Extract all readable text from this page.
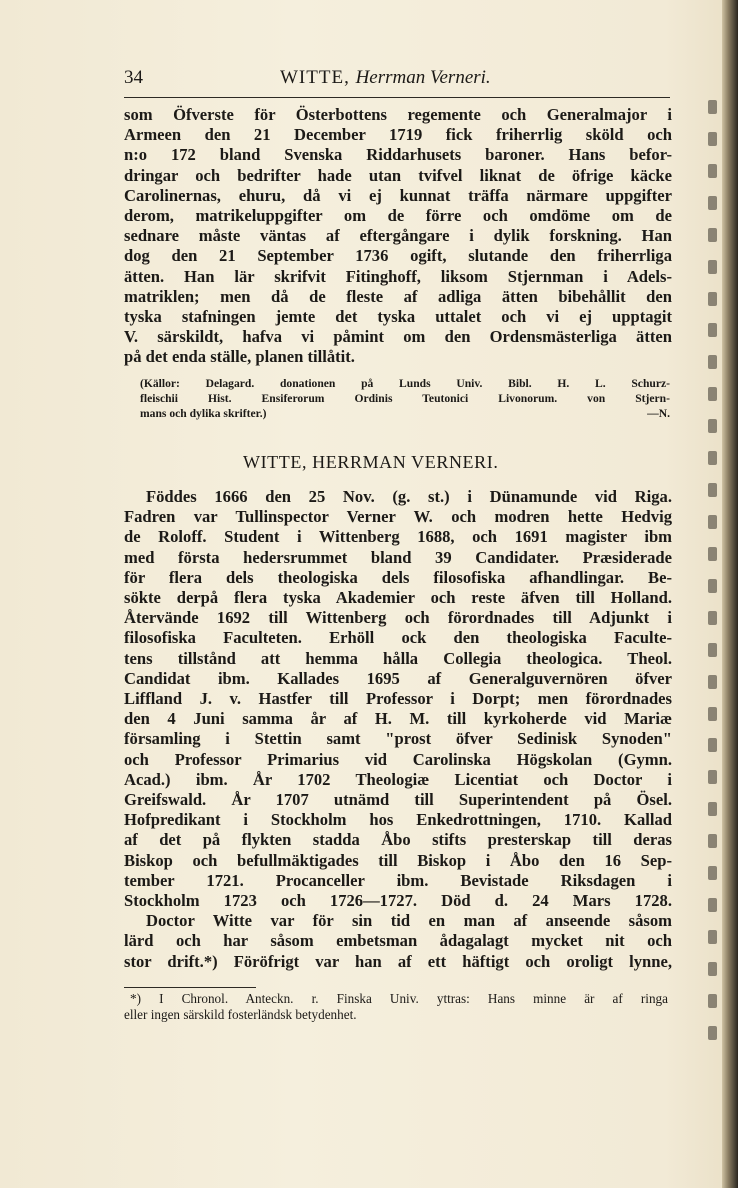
34	WITTE, Herrman Verneri.
som Öfverste för Österbottens regemente och Generalmajor i
Armeen den 21 December 1719 fick friherrlig sköld och
n:o 172 bland Svenska Riddarhusets baroner. Hans befor-
dringar och bedrifter hade utan tvifvel liknat de öfrige käcke
Carolinernas, ehuru, då vi ej kunnat träffa närmare uppgifter
derom, matrikeluppgifter om de förre och omdöme om de
sednare måste väntas af eftergångare i dylik forskning. Han
dog den 21 September 1736 ogift, slutande den friherrliga
ätten. Han lär skrifvit Fitinghoff, liksom Stjernman i Adels-
matriklen; men då de fleste af adliga ätten bibehållit den
tyska stafningen jemte det tyska uttalet och vi ej upptagit
V. särskildt, hafva vi påmint om den Ordensmästerliga ätten
på det enda ställe, planen tillåtit.
(Källor: Delagard. donationen på Lunds Univ. Bibl. H. L. Schurz-
fleischii Hist. Ensiferorum Ordinis Teutonici Livonorum. von Stjern-
mans och dylika skrifter.)	—N.
WITTE, HERRMAN VERNERI.
Föddes 1666 den 25 Nov. (g. st.) i Dünamunde vid Riga.
Fadren var Tullinspector Verner W. och modren hette Hedvig
de Roloff. Student i Wittenberg 1688, och 1691 magister ibm
med första hedersrummet bland 39 Candidater. Præsiderade
för flera dels theologiska dels filosofiska afhandlingar. Be-
sökte derpå flera tyska Akademier och reste äfven till Holland.
Återvände 1692 till Wittenberg och förordnades till Adjunkt i
filosofiska Faculteten. Erhöll ock den theologiska Faculte-
tens tillstånd att hemma hålla Collegia theologica. Theol.
Candidat ibm. Kallades 1695 af Generalguvernören öfver
Liffland J. v. Hastfer till Professor i Dorpt; men förordnades
den 4 Juni samma år af H. M. till kyrkoherde vid Mariæ
församling i Stettin samt "prost öfver Sedinisk Synoden"
och Professor Primarius vid Carolinska Högskolan (Gymn.
Acad.) ibm. År 1702 Theologiæ Licentiat och Doctor i
Greifswald. År 1707 utnämd till Superintendent på Ösel.
Hofpredikant i Stockholm hos Enkedrottningen, 1710. Kallad
af det på flykten stadda Åbo stifts presterskap till deras
Biskop och befullmäktigades till Biskop i Åbo den 16 Sep-
tember 1721. Procanceller ibm. Bevistade Riksdagen i
Stockholm 1723 och 1726—1727. Död d. 24 Mars 1728.
Doctor Witte var för sin tid en man af anseende såsom
lärd och har såsom embetsman ådagalagt mycket nit och
stor drift.*) Föröfrigt var han af ett häftigt och oroligt lynne,
*) I Chronol. Anteckn. r. Finska Univ. yttras: Hans minne är af ringa
eller ingen särskild fosterländsk betydenhet.
